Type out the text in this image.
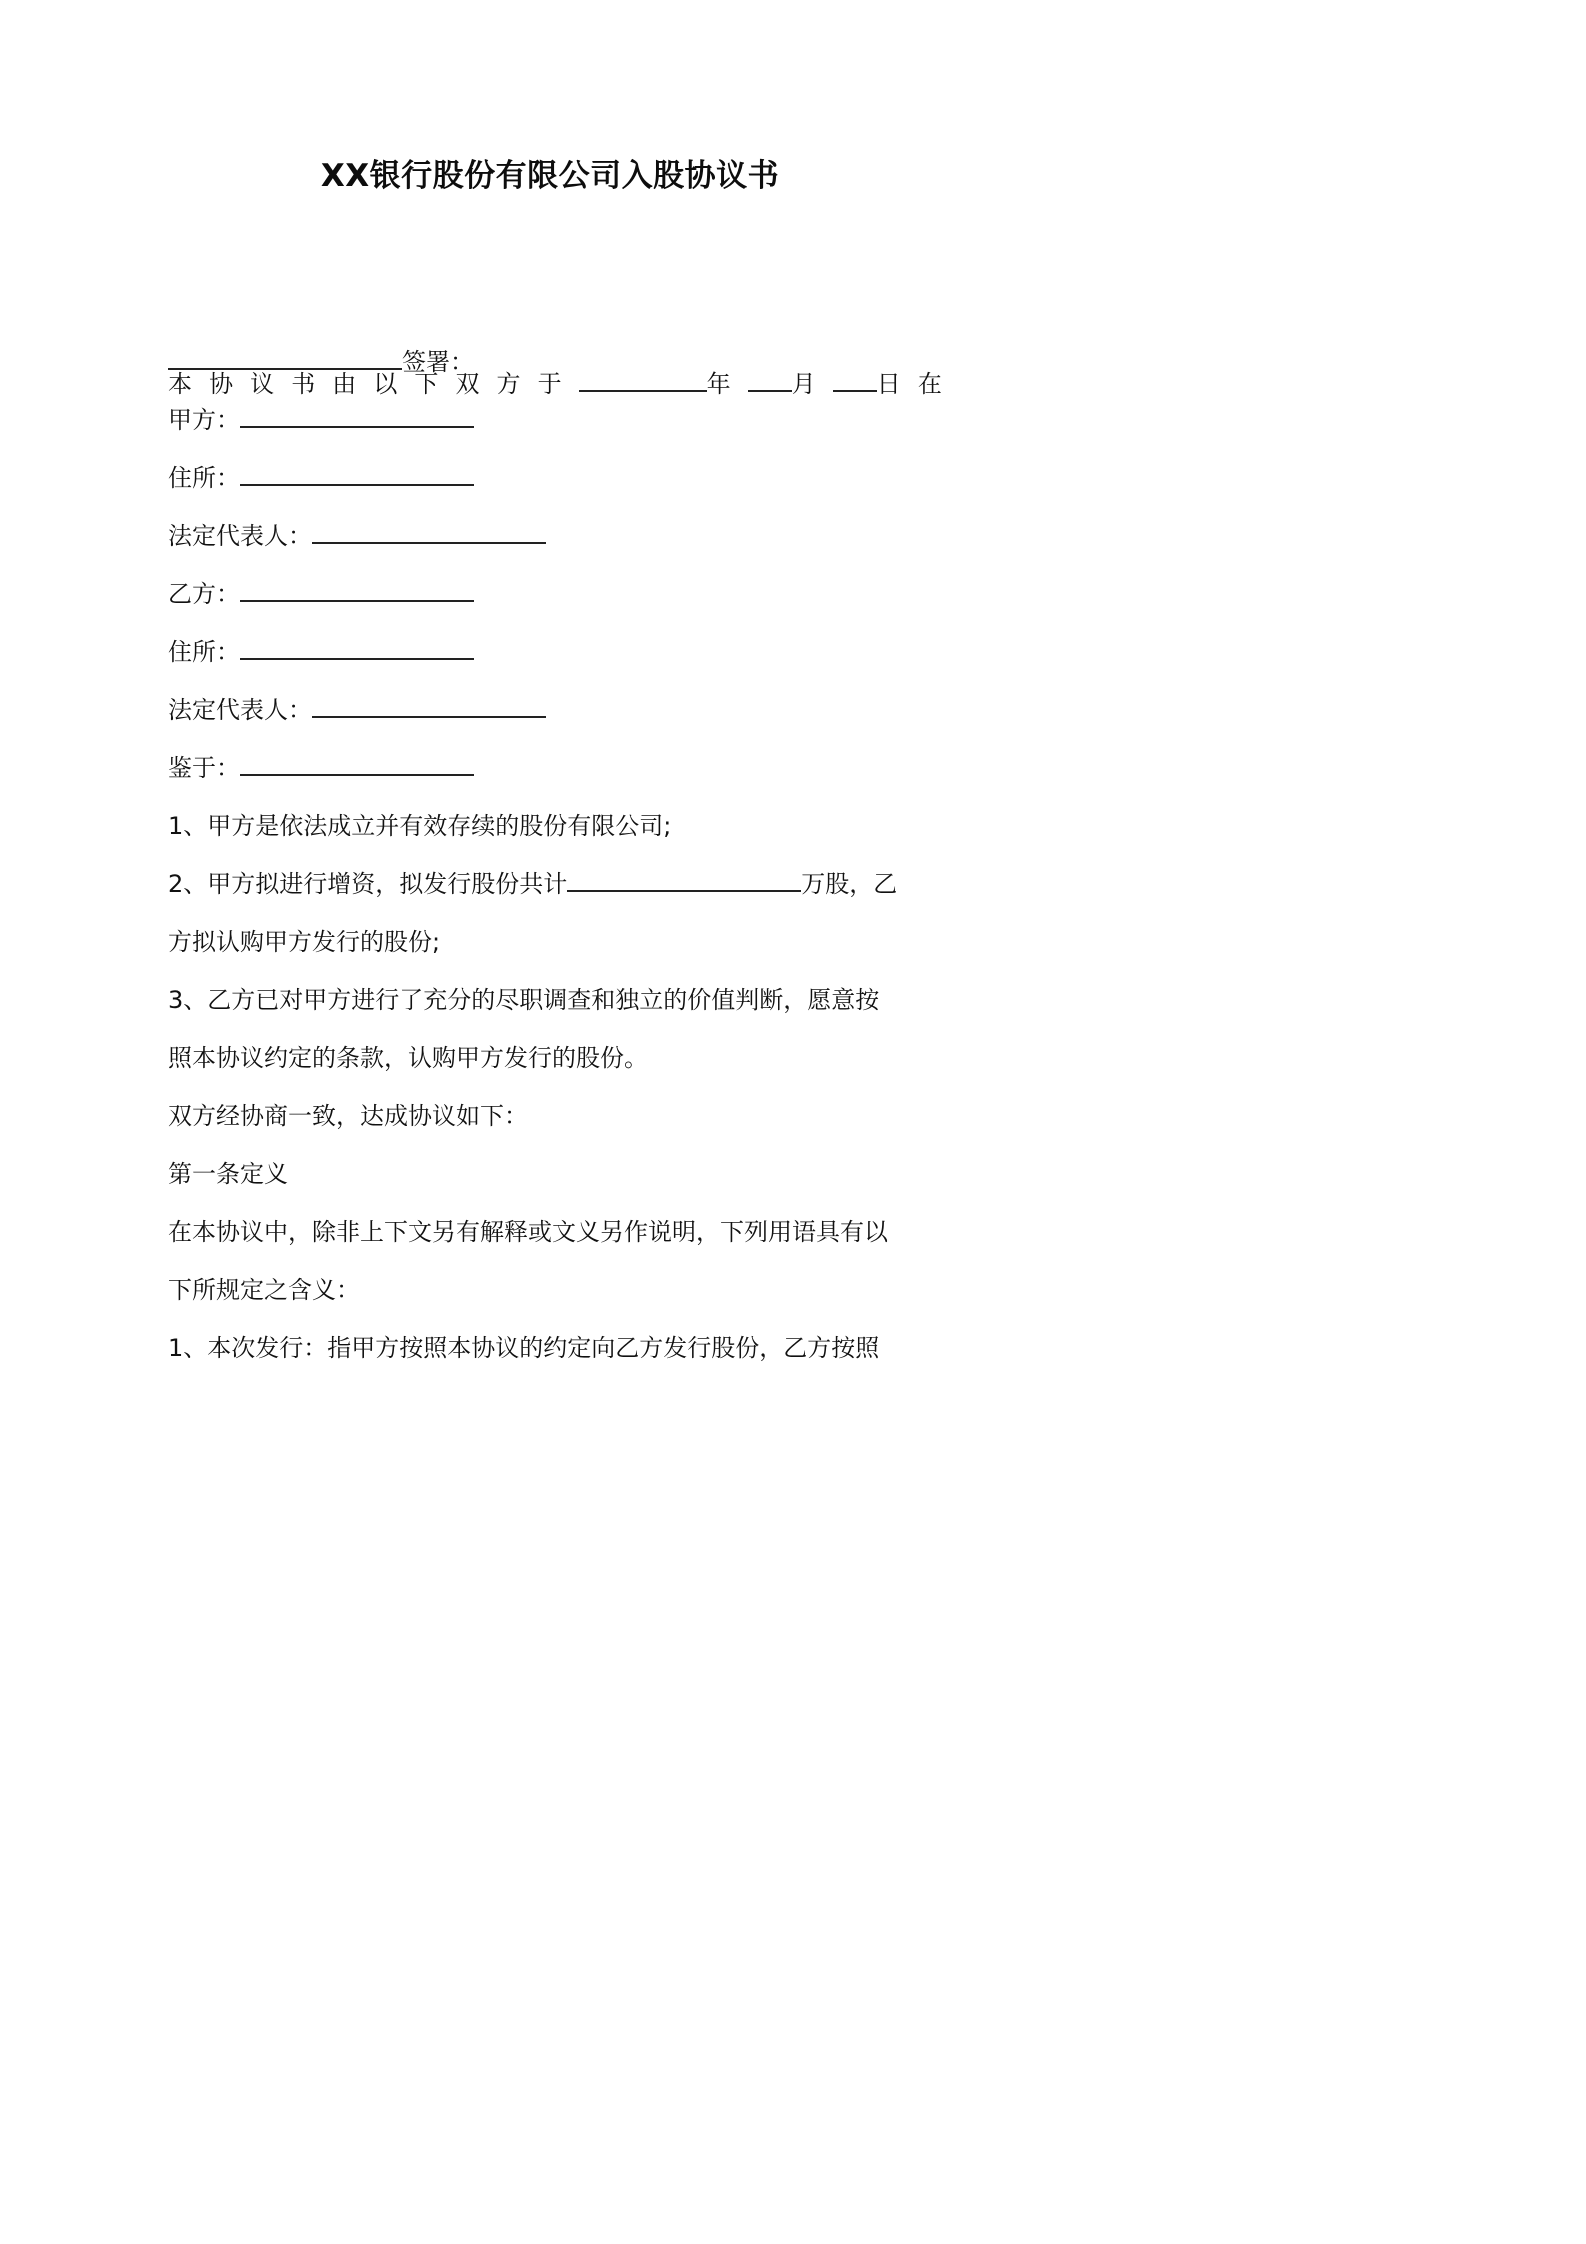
XX银行股份有限公司入股协议书

本 协 议 书 由 以 下 双 方 于	年	月	日 在

签署：
甲方：
住所：
法定代表人：
乙方：
住所：
法定代表人：
鉴于：
1、甲方是依法成立并有效存续的股份有限公司;
2、甲方拟进行增资，拟发行股份共计	万股，乙
方拟认购甲方发行的股份;
3、乙方已对甲方进行了充分的尽职调查和独立的价值判断，愿意按
照本协议约定的条款，认购甲方发行的股份。
双方经协商一致，达成协议如下：
第一条定义
在本协议中，除非上下文另有解释或文义另作说明，下列用语具有以
下所规定之含义：
1、本次发行：指甲方按照本协议的约定向乙方发行股份，乙方按照
